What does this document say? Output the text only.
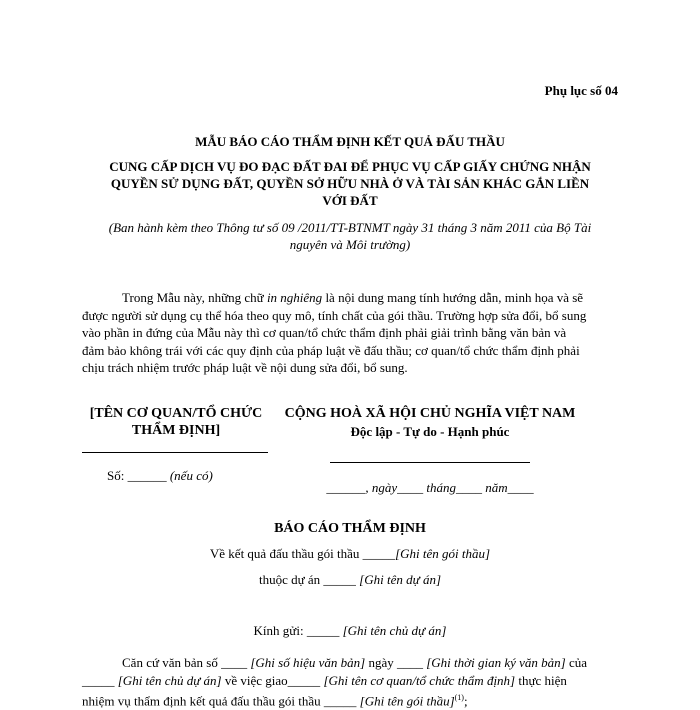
Phụ lục số 04
MẪU BÁO CÁO THẨM ĐỊNH KẾT QUẢ ĐẤU THẦU
CUNG CẤP DỊCH VỤ ĐO ĐẠC ĐẤT ĐAI ĐỂ PHỤC VỤ CẤP GIẤY CHỨNG NHẬN
QUYỀN SỬ DỤNG ĐẤT, QUYỀN SỞ HỮU NHÀ Ở VÀ TÀI SẢN KHÁC GẮN LIỀN
VỚI ĐẤT
(Ban hành kèm theo Thông tư số 09 /2011/TT-BTNMT ngày 31 tháng 3 năm 2011 của Bộ Tài
nguyên và Môi trường)
Trong Mẫu này, những chữ in nghiêng là nội dung mang tính hướng dẫn, minh họa và sẽ
được người sử dụng cụ thể hóa theo quy mô, tính chất của gói thầu. Trường hợp sửa đổi, bổ sung
vào phần in đứng của Mẫu này thì cơ quan/tổ chức thẩm định phải giải trình bằng văn bản và
đảm bảo không trái với các quy định của pháp luật về đấu thầu; cơ quan/tổ chức thẩm định phải
chịu trách nhiệm trước pháp luật về nội dung sửa đổi, bổ sung.
[TÊN CƠ QUAN/TỔ CHỨC
THẨM ĐỊNH]
Số: ______ (nếu có)
CỘNG HOÀ XÃ HỘI CHỦ NGHĨA VIỆT NAM
Độc lập - Tự do - Hạnh phúc
______, ngày____ tháng____ năm____
BÁO CÁO THẨM ĐỊNH
Về kết quả đấu thầu gói thầu _____[Ghi tên gói thầu]
thuộc dự án _____ [Ghi tên dự án]
Kính gửi: _____ [Ghi tên chủ dự án]
Căn cứ văn bản số ____ [Ghi số hiệu văn bản] ngày ____ [Ghi thời gian ký văn bản] của
_____ [Ghi tên chủ dự án] về việc giao_____ [Ghi tên cơ quan/tổ chức thẩm định] thực hiện
nhiệm vụ thẩm định kết quả đấu thầu gói thầu _____ [Ghi tên gói thầu]$^{(1)}$;
